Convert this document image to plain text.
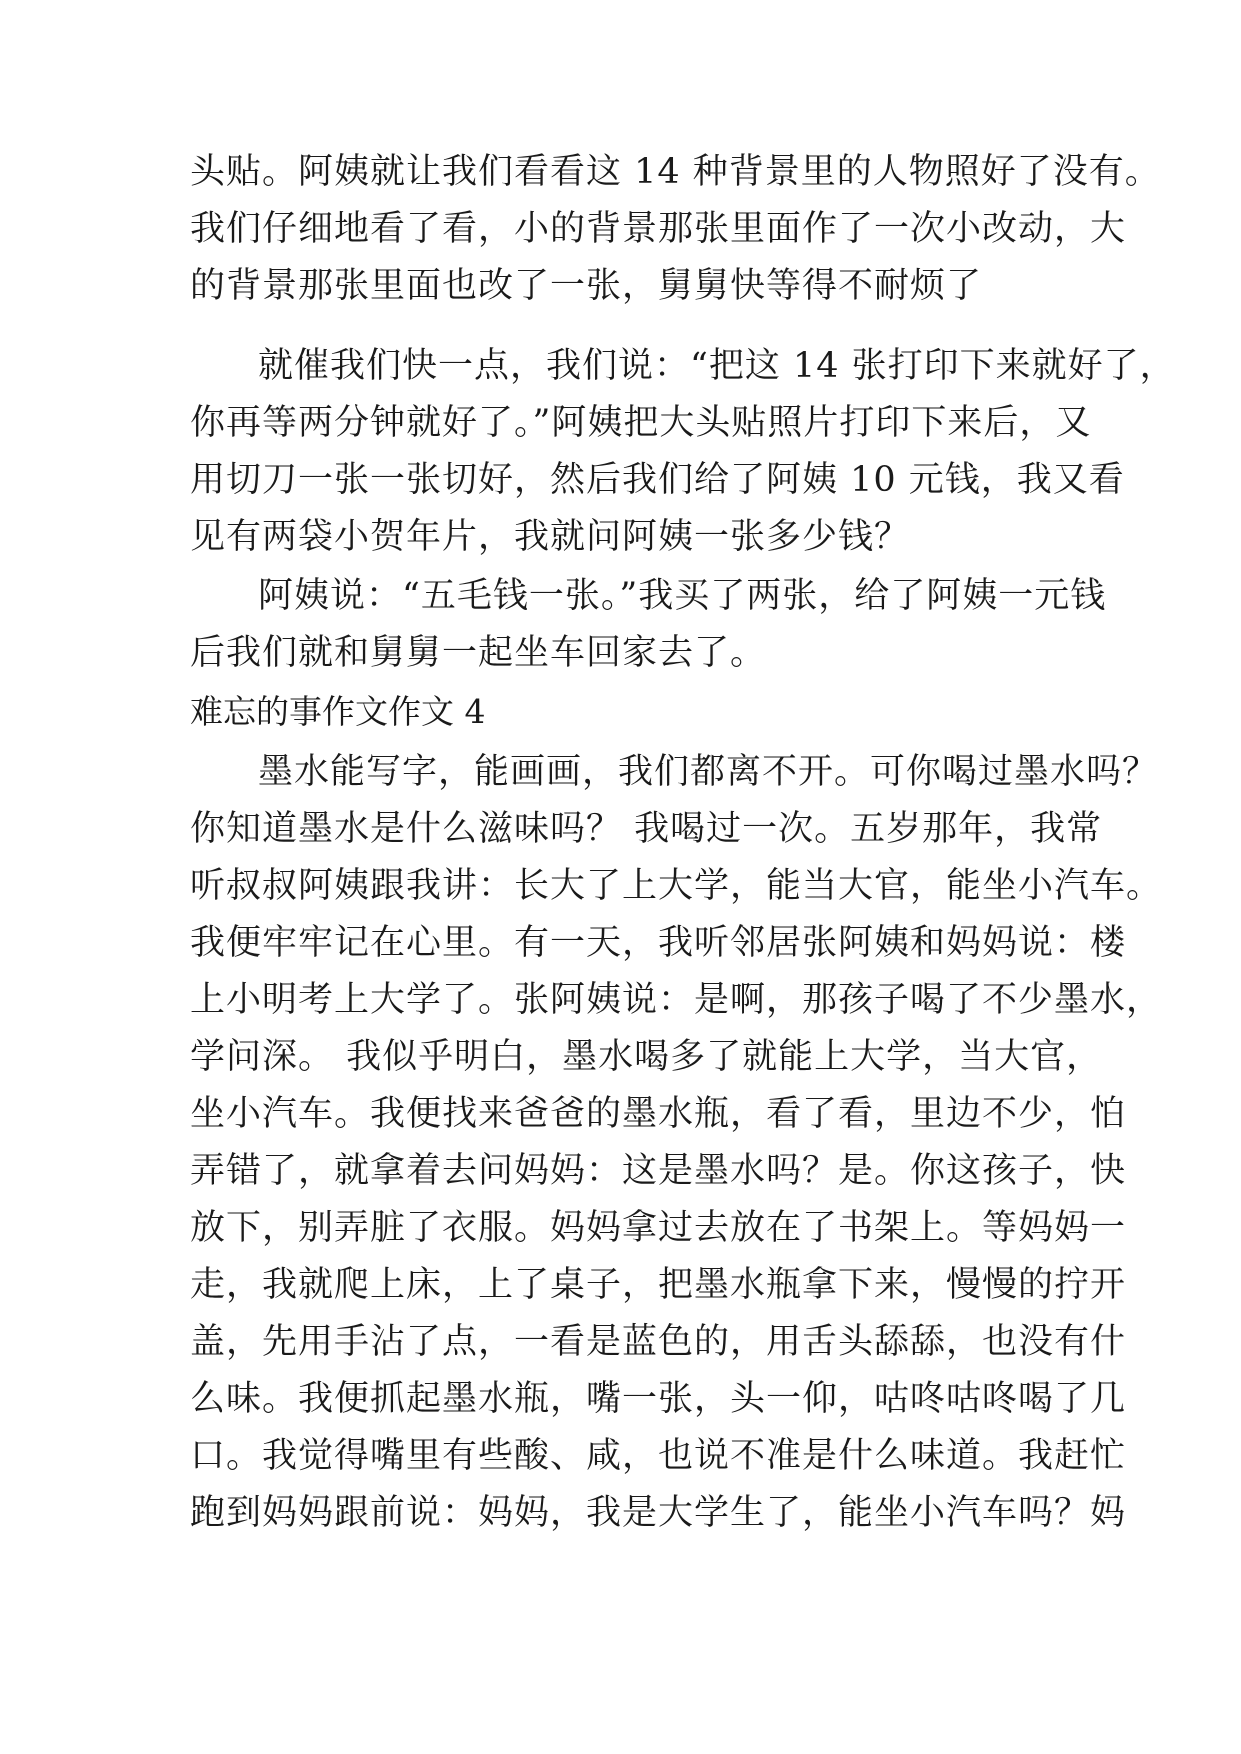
头贴。阿姨就让我们看看这 14 种背景里的人物照好了没有。
我们仔细地看了看，小的背景那张里面作了一次小改动，大
的背景那张里面也改了一张，舅舅快等得不耐烦了
就催我们快一点，我们说：“把这 14 张打印下来就好了，
你再等两分钟就好了。”阿姨把大头贴照片打印下来后，又
用切刀一张一张切好，然后我们给了阿姨 10 元钱，我又看
见有两袋小贺年片，我就问阿姨一张多少钱？
阿姨说：“五毛钱一张。”我买了两张，给了阿姨一元钱
后我们就和舅舅一起坐车回家去了。
难忘的事作文作文 4
墨水能写字，能画画，我们都离不开。可你喝过墨水吗？
你知道墨水是什么滋味吗？ 我喝过一次。五岁那年，我常
听叔叔阿姨跟我讲：长大了上大学，能当大官，能坐小汽车。
我便牢牢记在心里。有一天，我听邻居张阿姨和妈妈说：楼
上小明考上大学了。张阿姨说：是啊，那孩子喝了不少墨水，
学问深。 我似乎明白，墨水喝多了就能上大学，当大官，
坐小汽车。我便找来爸爸的墨水瓶，看了看，里边不少，怕
弄错了，就拿着去问妈妈：这是墨水吗？是。你这孩子，快
放下，别弄脏了衣服。妈妈拿过去放在了书架上。等妈妈一
走，我就爬上床，上了桌子，把墨水瓶拿下来，慢慢的拧开
盖，先用手沾了点，一看是蓝色的，用舌头舔舔，也没有什
么味。我便抓起墨水瓶，嘴一张，头一仰，咕咚咕咚喝了几
口。我觉得嘴里有些酸、咸，也说不准是什么味道。我赶忙
跑到妈妈跟前说：妈妈，我是大学生了，能坐小汽车吗？妈
